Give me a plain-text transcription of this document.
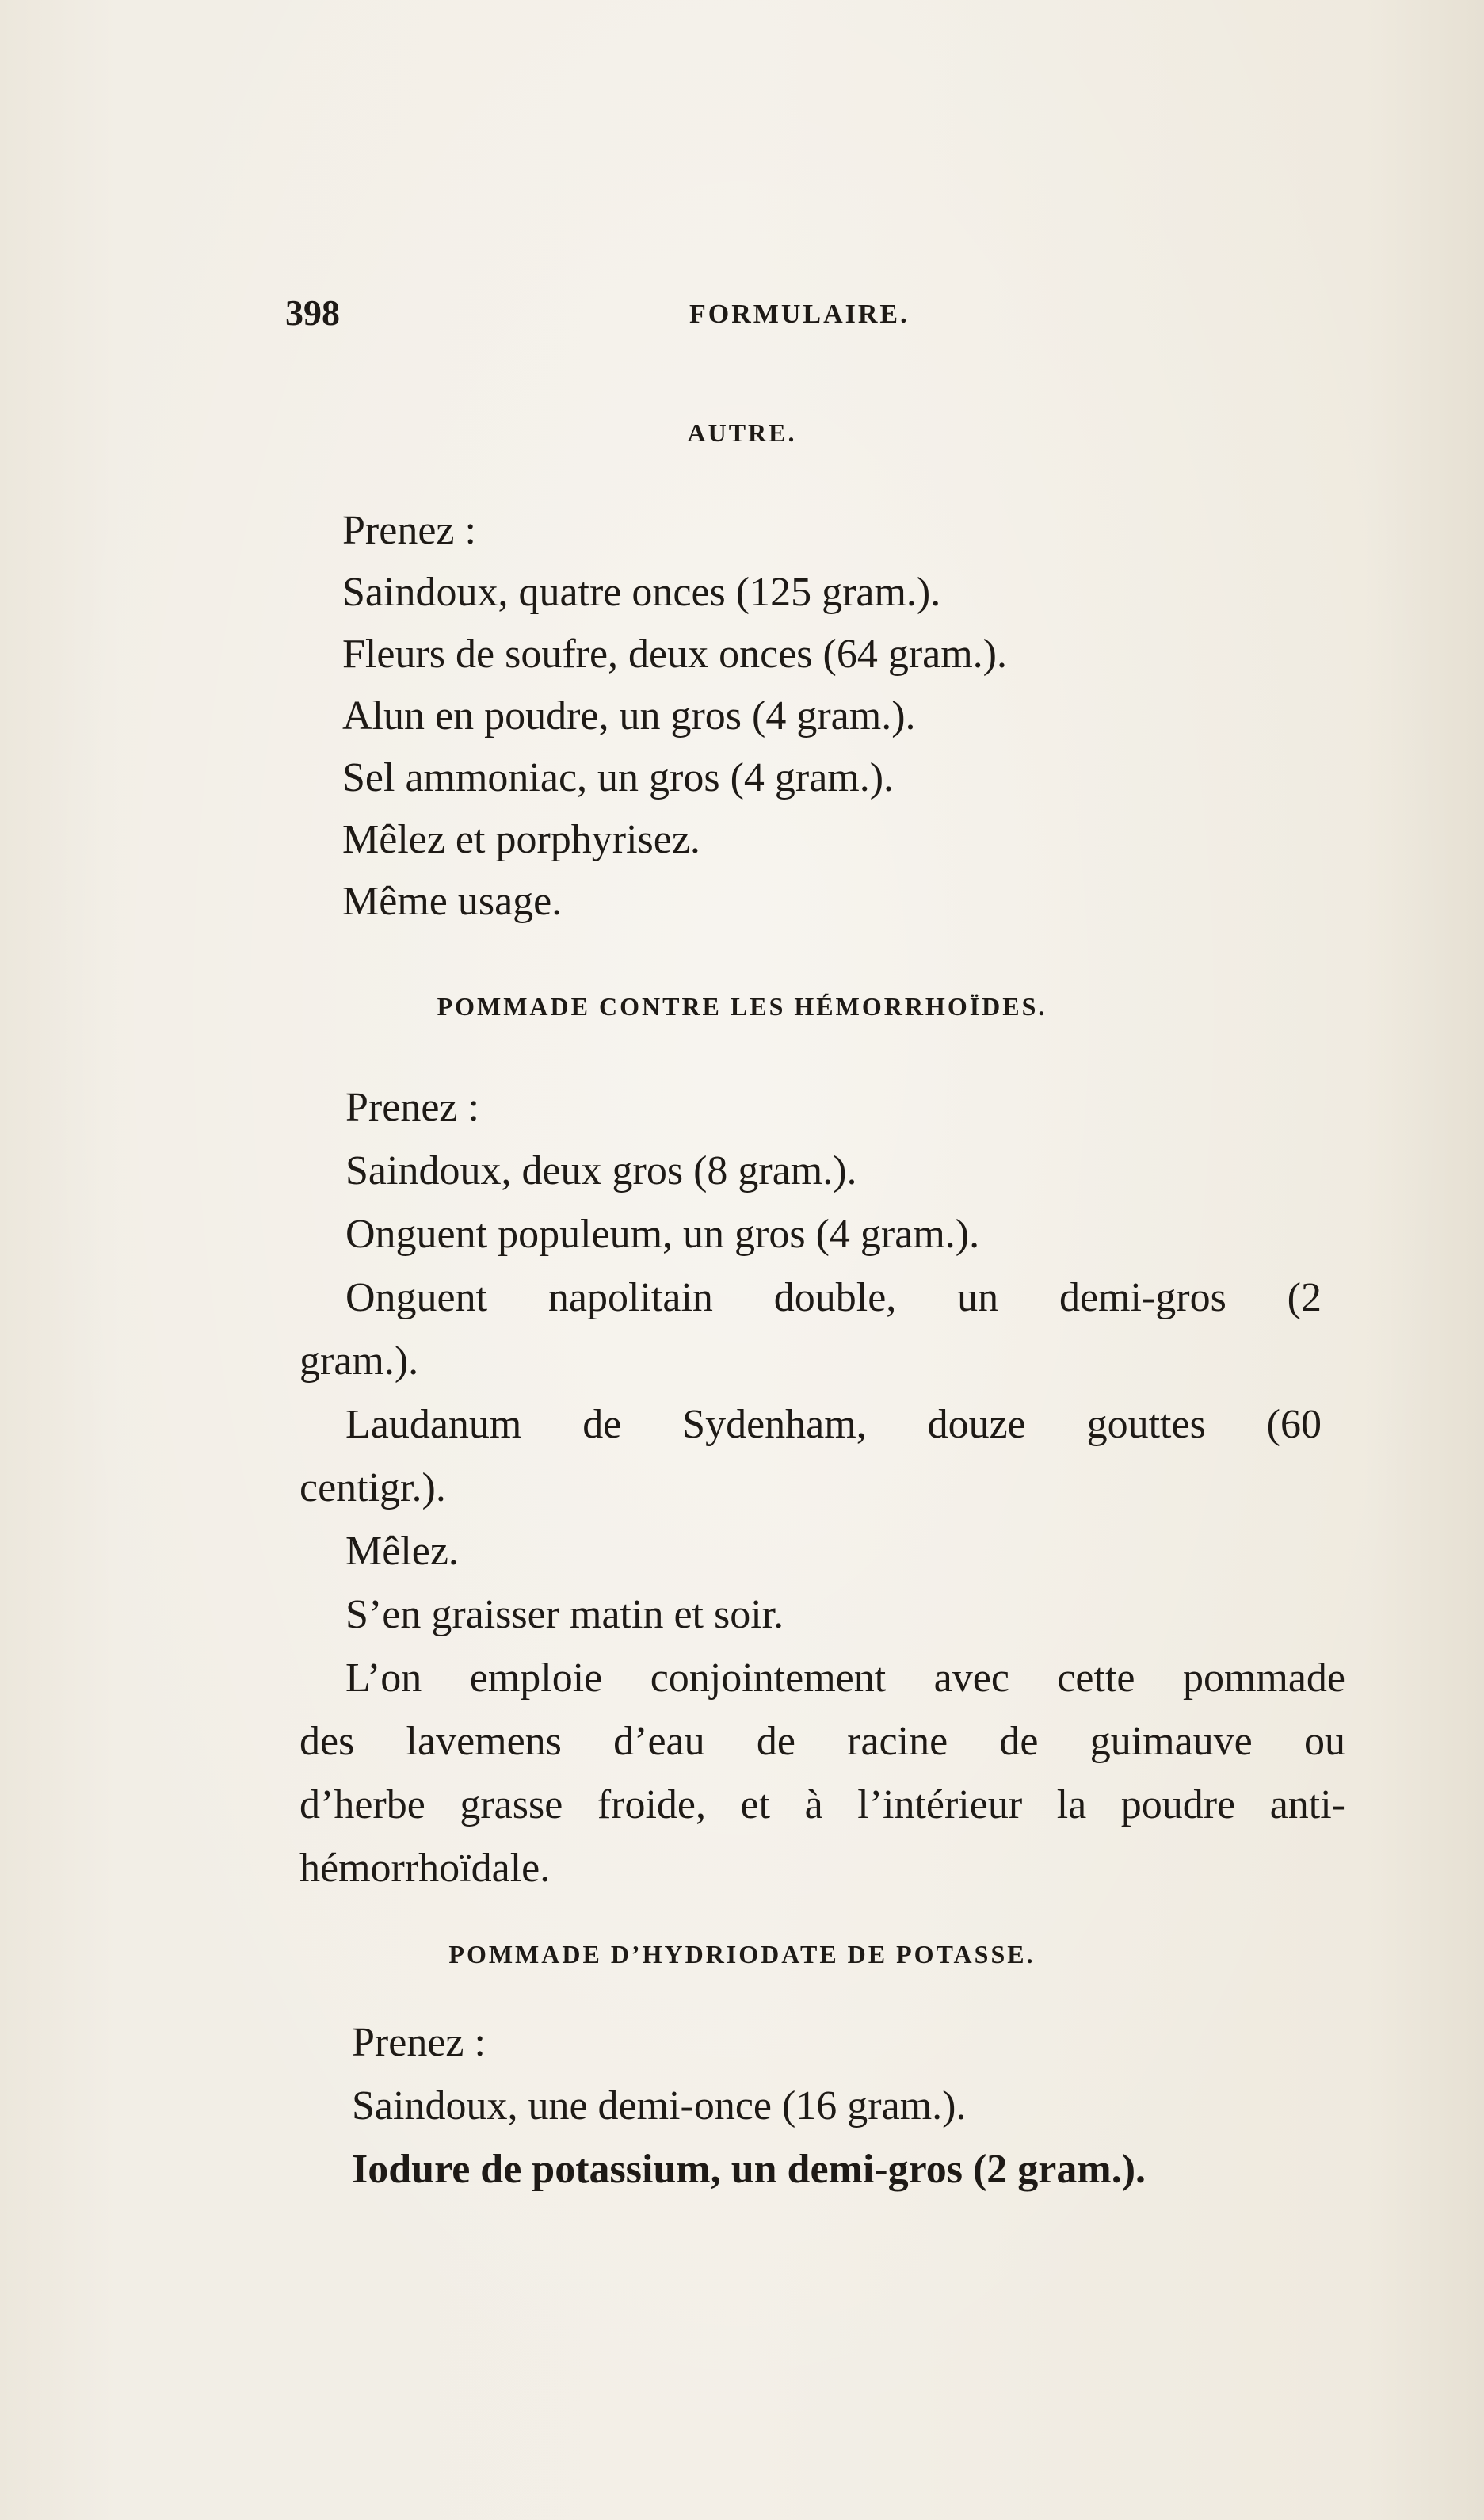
398	FORMULAIRE.
AUTRE.
Prenez :
Saindoux, quatre onces (125 gram.).
Fleurs de soufre, deux onces (64 gram.).
Alun en poudre, un gros (4 gram.).
Sel ammoniac, un gros (4 gram.).
Mêlez et porphyrisez.
Même usage.
POMMADE CONTRE LES HÉMORRHOÏDES.
Prenez :
Saindoux, deux gros (8 gram.).
Onguent populeum, un gros (4 gram.).
Onguent napolitain double, un demi-gros (2
gram.).
Laudanum de Sydenham, douze gouttes (60
centigr.).
Mêlez.
S’en graisser matin et soir.
L’on emploie conjointement avec cette pommade
des lavemens d’eau de racine de guimauve ou
d’herbe grasse froide, et à l’intérieur la poudre anti-
hémorrhoïdale.
POMMADE D’HYDRIODATE DE POTASSE.
Prenez :
Saindoux, une demi-once (16 gram.).
Iodure de potassium, un demi-gros (2 gram.).
